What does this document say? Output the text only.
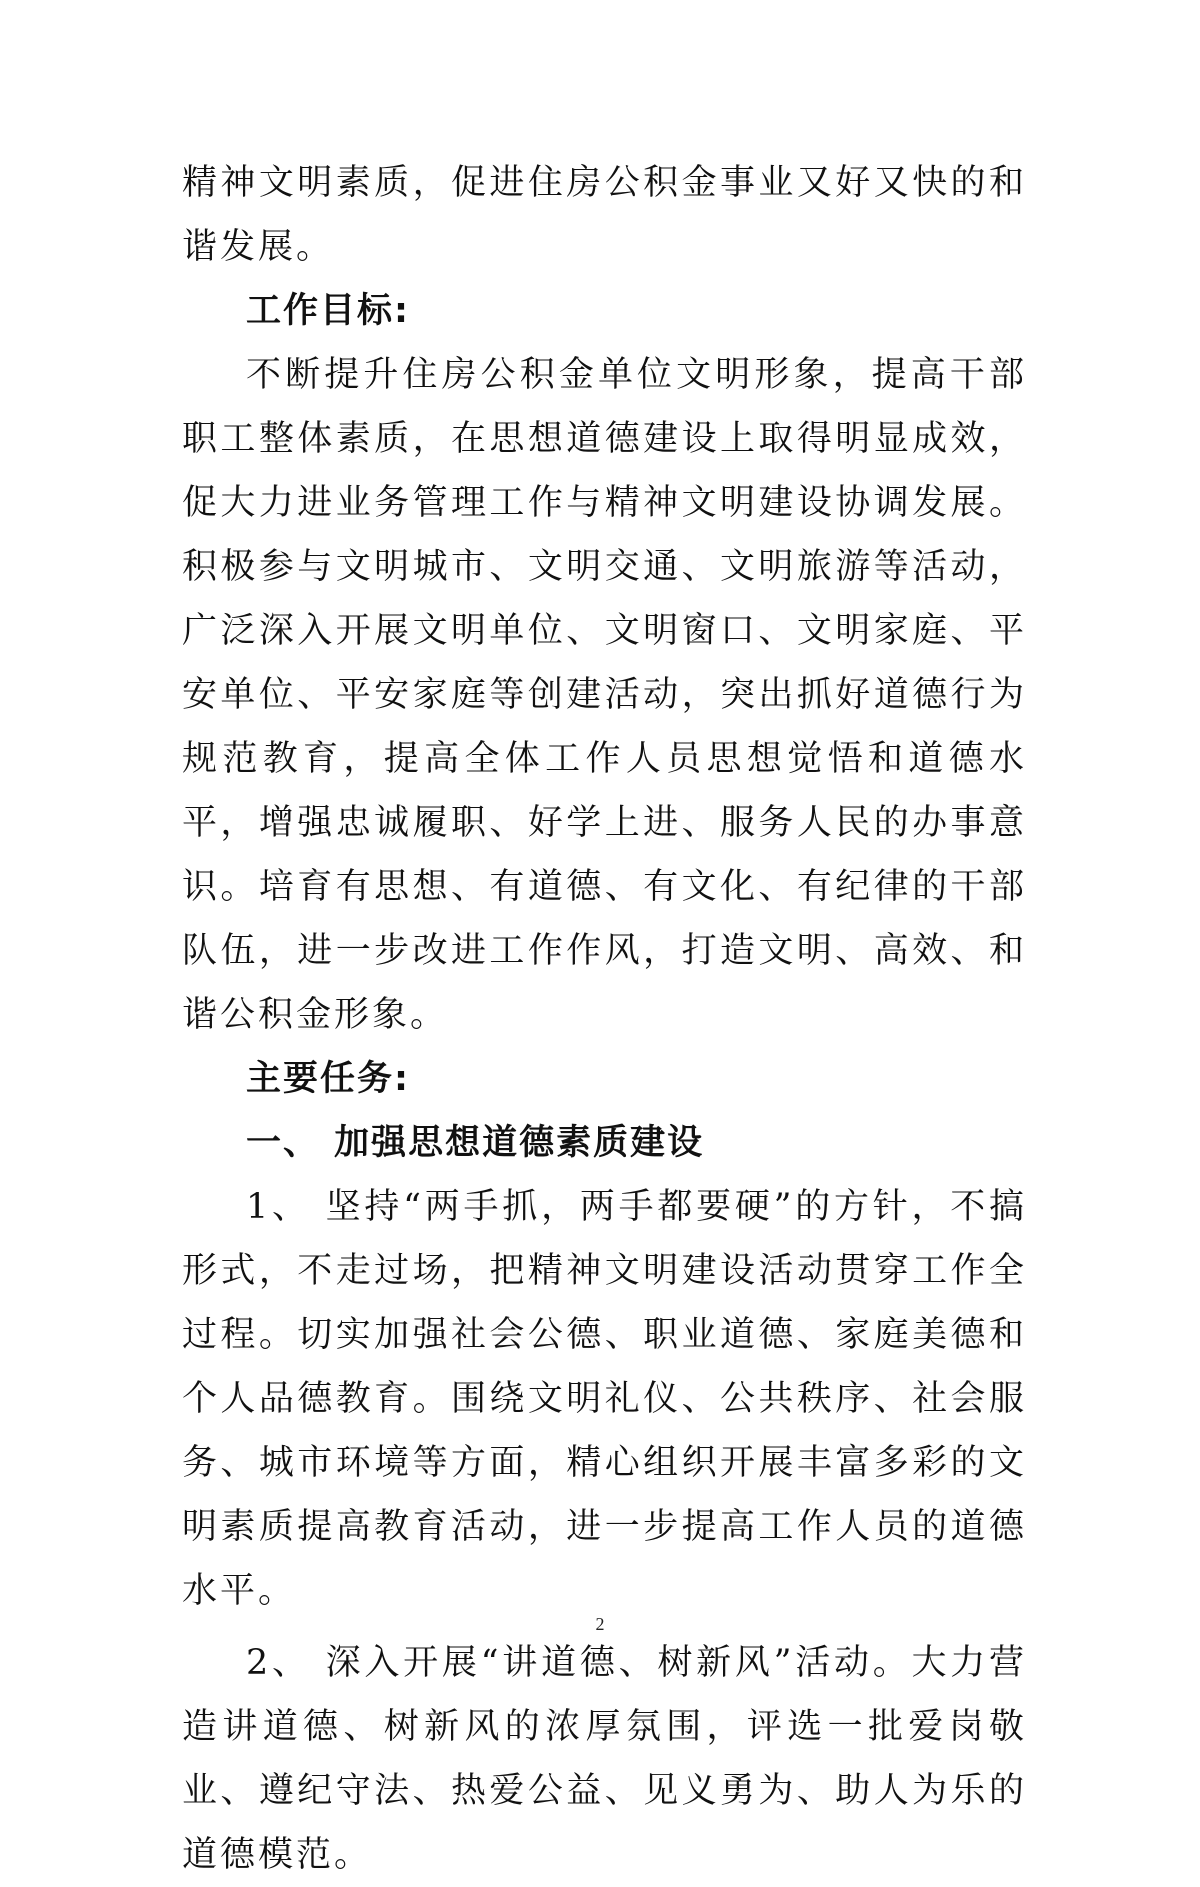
精神文明素质，促进住房公积金事业又好又快的和谐发展。

工作目标:

不断提升住房公积金单位文明形象，提高干部职工整体素质，在思想道德建设上取得明显成效，促大力进业务管理工作与精神文明建设协调发展。积极参与文明城市、文明交通、文明旅游等活动，广泛深入开展文明单位、文明窗口、文明家庭、平安单位、平安家庭等创建活动，突出抓好道德行为规范教育，提高全体工作人员思想觉悟和道德水平，增强忠诚履职、好学上进、服务人民的办事意识。培育有思想、有道德、有文化、有纪律的干部队伍，进一步改进工作作风，打造文明、高效、和谐公积金形象。

主要任务:

一、 加强思想道德素质建设

1、 坚持“两手抓，两手都要硬”的方针，不搞形式，不走过场，把精神文明建设活动贯穿工作全过程。切实加强社会公德、职业道德、家庭美德和个人品德教育。围绕文明礼仪、公共秩序、社会服务、城市环境等方面，精心组织开展丰富多彩的文明素质提高教育活动，进一步提高工作人员的道德水平。

2、 深入开展“讲道德、树新风”活动。大力营造讲道德、树新风的浓厚氛围，评选一批爱岗敬业、遵纪守法、热爱公益、见义勇为、助人为乐的道德模范。

2
